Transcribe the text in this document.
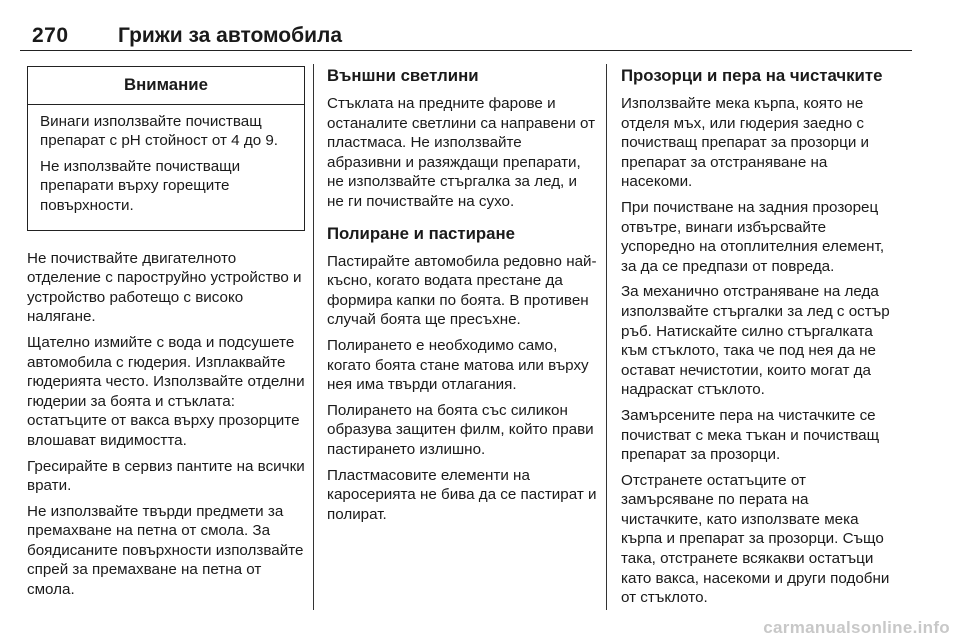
270 Грижи за автомобила
Внимание

Винаги използвайте почистващ препарат с pH стойност от 4 до 9.

Не използвайте почистващи препарати върху горещите повърхности.

Не почиствайте двигателното отделение с пароструйно устройство и устройство работещо с високо налягане.

Щателно измийте с вода и подсушете автомобила с гюдерия. Изплаквайте гюдерията често. Използвайте отделни гюдерии за боята и стъклата: остатъците от вакса върху прозорците влошават видимостта.

Гресирайте в сервиз пантите на всички врати.

Не използвайте твърди предмети за премахване на петна от смола. За боядисаните повърхности използвайте спрей за премахване на петна от смола.

Външни светлини

Стъклата на предните фарове и останалите светлини са направени от пластмаса. Не използвайте абразивни и разяждащи препарати, не използвайте стъргалка за лед, и не ги почиствайте на сухо.

Полиране и пастиране

Пастирайте автомобила редовно най-късно, когато водата престане да формира капки по боята. В противен случай боята ще пресъхне.

Полирането е необходимо само, когато боята стане матова или върху нея има твърди отлагания.

Полирането на боята със силикон образува защитен филм, който прави пастирането излишно.

Пластмасовите елементи на каросерията не бива да се пастират и полират.

Прозорци и пера на чистачките

Използвайте мека кърпа, която не отделя мъх, или гюдерия заедно с почистващ препарат за прозорци и препарат за отстраняване на насекоми.

При почистване на задния прозорец отвътре, винаги избърсвайте успоредно на отоплителния елемент, за да се предпази от повреда.

За механично отстраняване на леда използвайте стъргалки за лед с остър ръб. Натискайте силно стъргалката към стъклото, така че под нея да не остават нечистотии, които могат да надраскат стъклото.

Замърсените пера на чистачките се почистват с мека тъкан и почистващ препарат за прозорци.

Отстранете остатъците от замърсяване по перата на чистачките, като използвате мека кърпа и препарат за прозорци. Също така, отстранете всякакви остатъци като вакса, насекоми и други подобни от стъклото.

carmanualsonline.info
